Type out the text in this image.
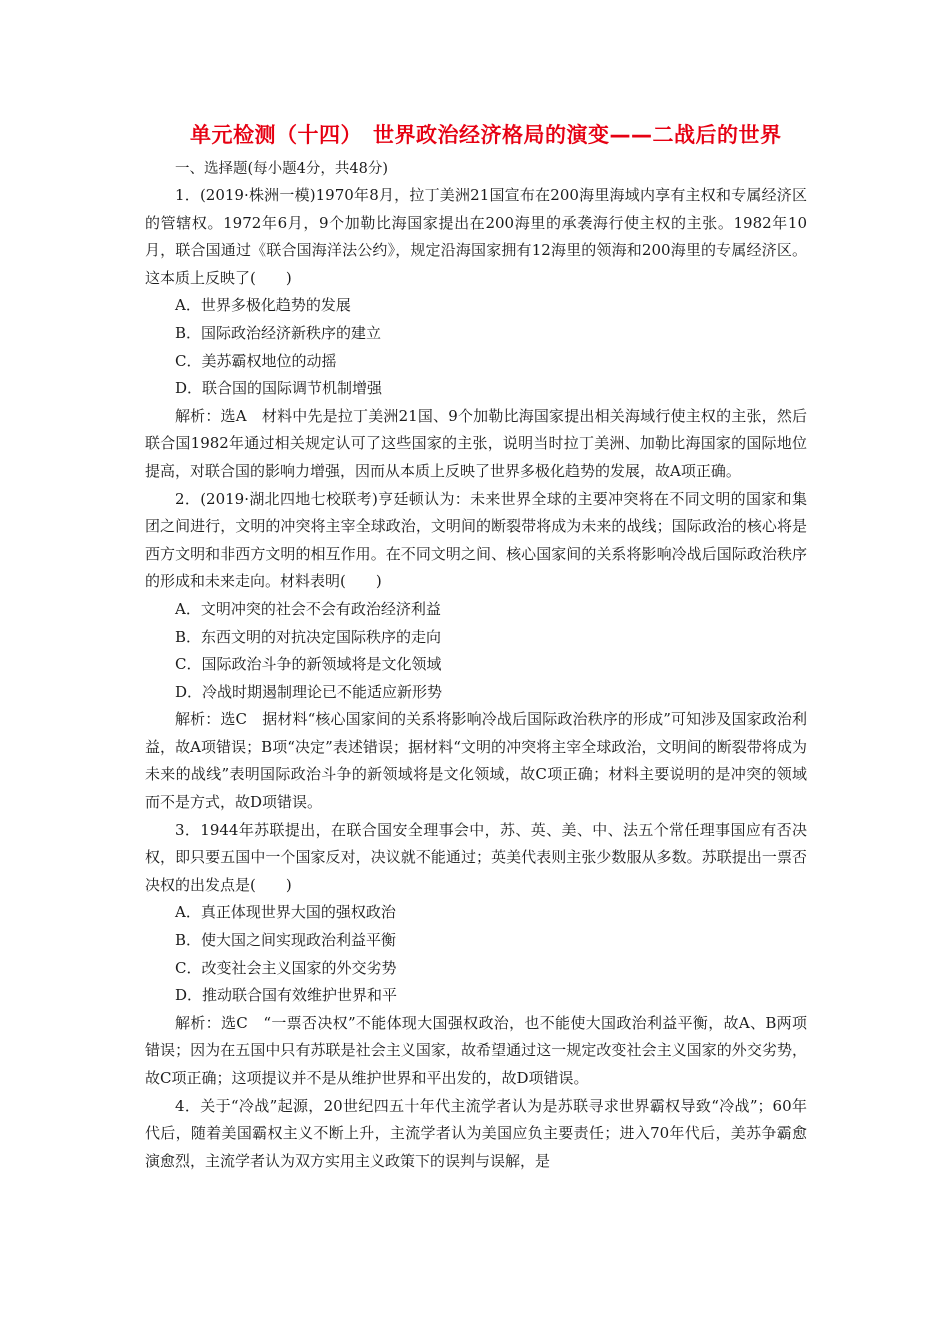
单元检测（十四）　世界政治经济格局的演变——二战后的世界
一、选择题(每小题4分，共48分)

1．(2019·株洲一模)1970年8月，拉丁美洲21国宣布在200海里海域内享有主权和专属经济区的管辖权。1972年6月，9个加勒比海国家提出在200海里的承袭海行使主权的主张。1982年10月，联合国通过《联合国海洋法公约》，规定沿海国家拥有12海里的领海和200海里的专属经济区。这本质上反映了(　　)

A．世界多极化趋势的发展

B．国际政治经济新秩序的建立

C．美苏霸权地位的动摇

D．联合国的国际调节机制增强

解析：选A　材料中先是拉丁美洲21国、9个加勒比海国家提出相关海域行使主权的主张，然后联合国1982年通过相关规定认可了这些国家的主张，说明当时拉丁美洲、加勒比海国家的国际地位提高，对联合国的影响力增强，因而从本质上反映了世界多极化趋势的发展，故A项正确。

2．(2019·湖北四地七校联考)亨廷顿认为：未来世界全球的主要冲突将在不同文明的国家和集团之间进行，文明的冲突将主宰全球政治，文明间的断裂带将成为未来的战线；国际政治的核心将是西方文明和非西方文明的相互作用。在不同文明之间、核心国家间的关系将影响冷战后国际政治秩序的形成和未来走向。材料表明(　　)

A．文明冲突的社会不会有政治经济利益

B．东西文明的对抗决定国际秩序的走向

C．国际政治斗争的新领域将是文化领域

D．冷战时期遏制理论已不能适应新形势

解析：选C　据材料“核心国家间的关系将影响冷战后国际政治秩序的形成”可知涉及国家政治利益，故A项错误；B项“决定”表述错误；据材料“文明的冲突将主宰全球政治，文明间的断裂带将成为未来的战线”表明国际政治斗争的新领域将是文化领域，故C项正确；材料主要说明的是冲突的领域而不是方式，故D项错误。

3．1944年苏联提出，在联合国安全理事会中，苏、英、美、中、法五个常任理事国应有否决权，即只要五国中一个国家反对，决议就不能通过；英美代表则主张少数服从多数。苏联提出一票否决权的出发点是(　　)

A．真正体现世界大国的强权政治

B．使大国之间实现政治利益平衡

C．改变社会主义国家的外交劣势

D．推动联合国有效维护世界和平

解析：选C　“一票否决权”不能体现大国强权政治，也不能使大国政治利益平衡，故A、B两项错误；因为在五国中只有苏联是社会主义国家，故希望通过这一规定改变社会主义国家的外交劣势，故C项正确；这项提议并不是从维护世界和平出发的，故D项错误。

4．关于“冷战”起源，20世纪四五十年代主流学者认为是苏联寻求世界霸权导致“冷战”；60年代后，随着美国霸权主义不断上升，主流学者认为美国应负主要责任；进入70年代后，美苏争霸愈演愈烈，主流学者认为双方实用主义政策下的误判与误解，是
